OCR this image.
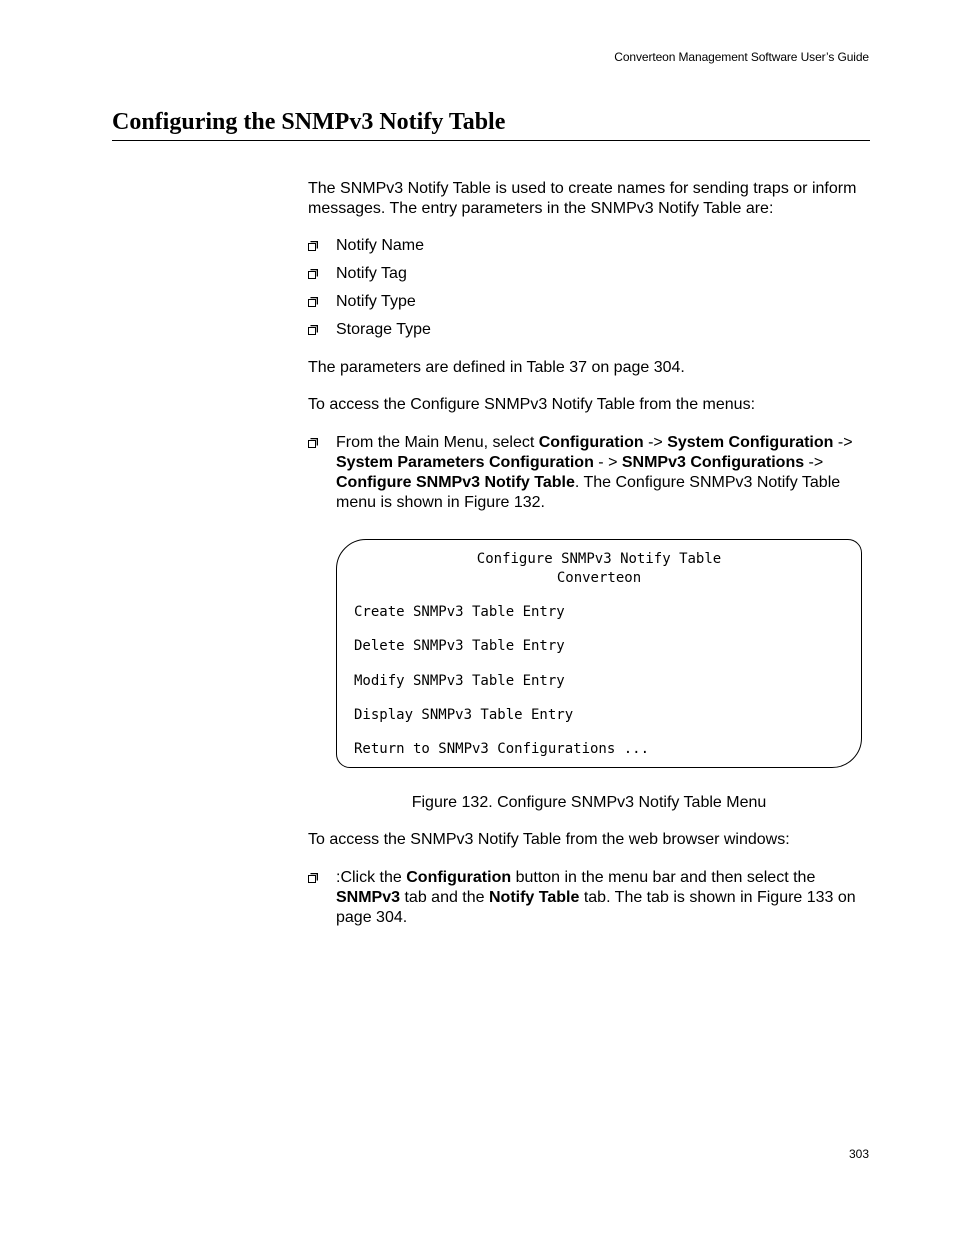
Converteon Management Software User’s Guide
Configuring the SNMPv3 Notify Table

The SNMPv3 Notify Table is used to create names for sending traps or inform messages. The entry parameters in the SNMPv3 Notify Table are:

Notify Name
Notify Tag
Notify Type
Storage Type

The parameters are defined in Table 37 on page 304.

To access the Configure SNMPv3 Notify Table from the menus:

From the Main Menu, select Configuration -> System Configuration -> System Parameters Configuration - > SNMPv3 Configurations -> Configure SNMPv3 Notify Table. The Configure SNMPv3 Notify Table menu is shown in Figure 132.
Configure SNMPv3 Notify Table
Converteon
Create SNMPv3 Table Entry
Delete SNMPv3 Table Entry
Modify SNMPv3 Table Entry
Display SNMPv3 Table Entry
Return to SNMPv3 Configurations ...

Figure 132. Configure SNMPv3 Notify Table Menu

To access the SNMPv3 Notify Table from the web browser windows:

:Click the Configuration button in the menu bar and then select the SNMPv3 tab and the Notify Table tab. The tab is shown in Figure 133 on page 304.
303
